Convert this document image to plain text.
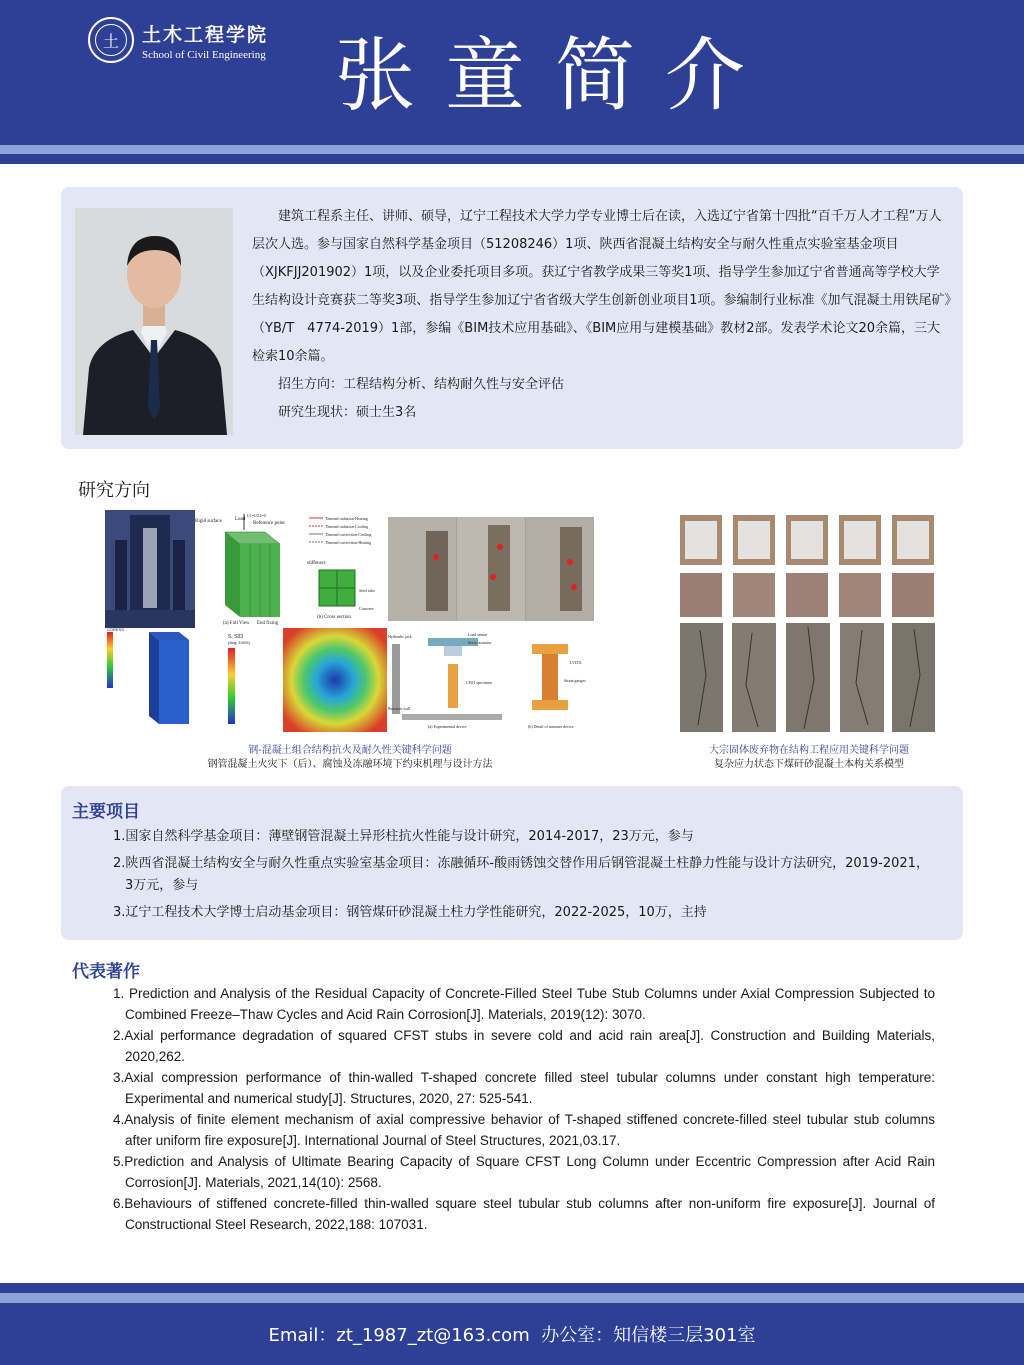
土	土木工程学院
School of Civil Engineering 张童简介

建筑工程系主任、讲师、硕导，辽宁工程技术大学力学专业博士后在读，入选辽宁省第十四批“百千万人才工程”万人层次人选。参与国家自然科学基金项目（51208246）1项、陕西省混凝土结构安全与耐久性重点实验室基金项目（XJKFJJ201902）1项，以及企业委托项目多项。获辽宁省教学成果三等奖1项、指导学生参加辽宁省普通高等学校大学生结构设计竞赛获二等奖3项、指导学生参加辽宁省省级大学生创新创业项目1项。参编制行业标准《加气混凝土用铁尾矿》（YB/T　4774-2019）1部，参编《BIM技术应用基础》、《BIM应用与建模基础》教材2部。发表学术论文20余篇，三大检索10余篇。

招生方向：工程结构分析、结构耐久性与安全评估

研究生现状：硕士生3名

研究方向
Rigid surface	Load
U1=UZ2=0
Reference point
End fixing
(a) Full View
Thermal radiation-Heating
Thermal radiation-Cooling
Thermal convection-Cooling
Thermal convection-Heating
stiffeners
Steel tube
Concrete
(b) Cross section
CORESS
S, S33
(Avg: 100%)
Hydraulic jack	Load sensor
Servo actuator
CFST specimen
Reaction wall
LVDTs
Strain gauges
(a) Experimental device	(b) Detail of measure device
钢-混凝土组合结构抗火及耐久性关键科学问题
钢管混凝土火灾下（后）、腐蚀及冻融环境下约束机理与设计方法
大宗固体废弃物在结构工程应用关键科学问题
复杂应力状态下煤矸砂混凝土本构关系模型
主要项目
1.国家自然科学基金项目：薄壁钢管混凝土异形柱抗火性能与设计研究，2014-2017，23万元，参与
2.陕西省混凝土结构安全与耐久性重点实验室基金项目：冻融循环-酸雨锈蚀交替作用后钢管混凝土柱静力性能与设计方法研究，2019-2021，3万元，参与
3.辽宁工程技术大学博士启动基金项目：钢管煤矸砂混凝土柱力学性能研究，2022-2025，10万，主持
代表著作
1. Prediction and Analysis of the Residual Capacity of Concrete-Filled Steel Tube Stub Columns under Axial Compression Subjected to　Combined Freeze–Thaw Cycles and Acid Rain Corrosion[J]. Materials, 2019(12): 3070.
2.Axial performance degradation of squared CFST stubs in severe cold and acid rain area[J]. Construction and Building Materials, 2020,262.
3.Axial compression performance of thin-walled T-shaped concrete filled steel tubular columns under constant high temperature: Experimental and numerical study[J]. Structures, 2020, 27: 525-541.
4.Analysis of finite element mechanism of axial compressive behavior of T-shaped stiffened concrete-filled steel tubular stub columns after uniform fire exposure[J]. International Journal of Steel Structures, 2021,03.17.
5.Prediction and Analysis of Ultimate Bearing Capacity of Square CFST Long Column under Eccentric Compression after Acid Rain Corrosion[J]. Materials, 2021,14(10): 2568.
6.Behaviours of stiffened concrete-filled thin-walled square steel tubular stub columns after non-uniform fire exposure[J]. Journal of Constructional Steel Research, 2022,188: 107031.
Email：zt_1987_zt@163.com
办公室：知信楼三层301室
